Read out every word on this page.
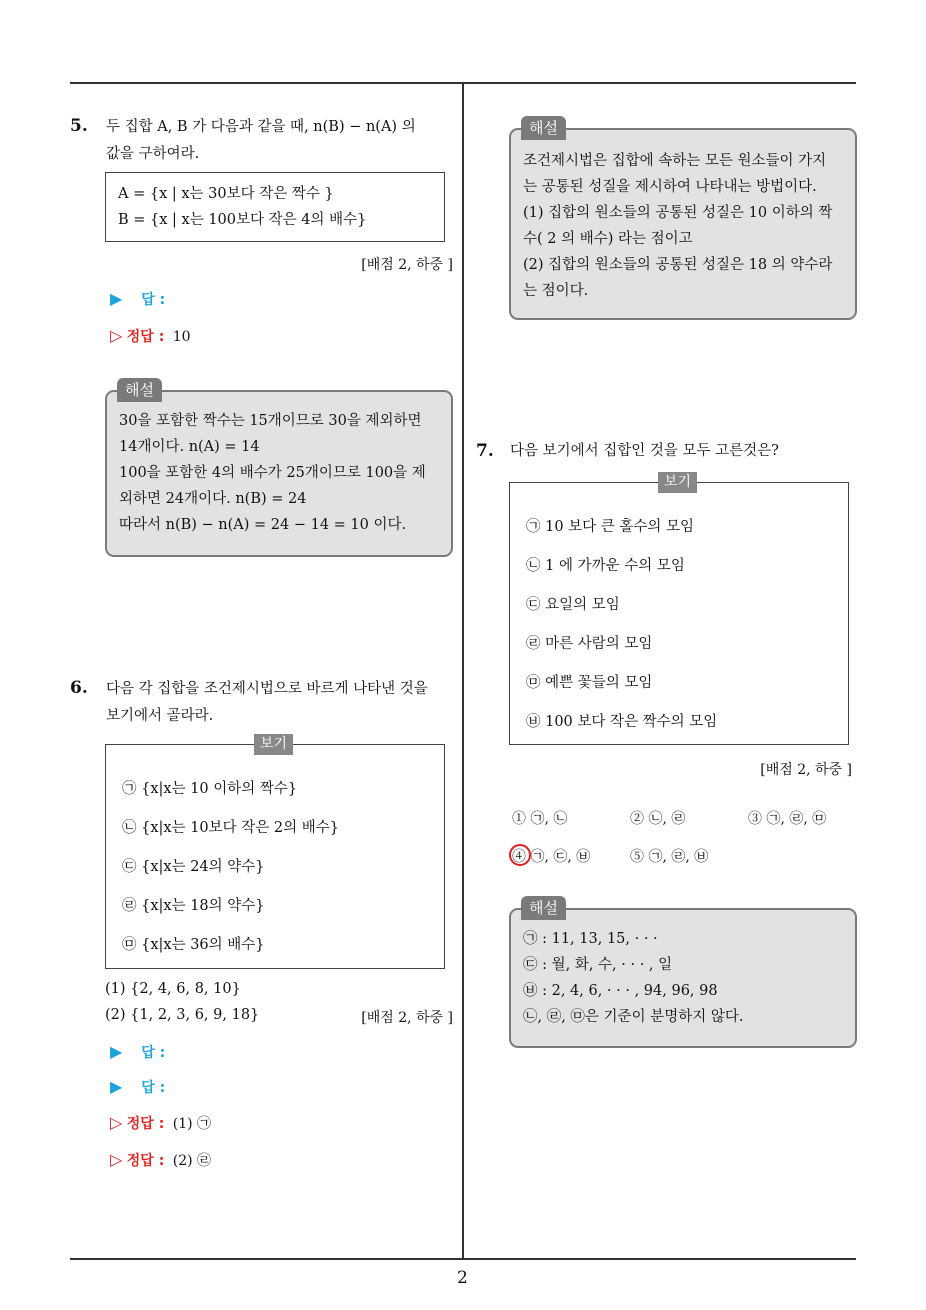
5. 두 집합 A, B 가 다음과 같을 때, n(B) − n(A) 의
값을 구하여라.
A = {x | x는 30보다 작은 짝수 }
B = {x | x는 100보다 작은 4의 배수}
[배점 2, 하중 ]
▶ 답 :
▷ 정답 : 10
해설
30을 포함한 짝수는 15개이므로 30을 제외하면
14개이다. n(A) = 14
100을 포함한 4의 배수가 25개이므로 100을 제
외하면 24개이다. n(B) = 24
따라서 n(B) − n(A) = 24 − 14 = 10 이다.
6. 다음 각 집합을 조건제시법으로 바르게 나타낸 것을
보기에서 골라라.
보기
㉠ {x|x는 10 이하의 짝수}
㉡ {x|x는 10보다 작은 2의 배수}
㉢ {x|x는 24의 약수}
㉣ {x|x는 18의 약수}
㉤ {x|x는 36의 배수}
(1) {2, 4, 6, 8, 10}
(2) {1, 2, 3, 6, 9, 18}	[배점 2, 하중 ]
▶ 답 :
▶ 답 :
▷ 정답 : (1) ㉠
▷ 정답 : (2) ㉣
해설
조건제시법은 집합에 속하는 모든 원소들이 가지
는 공통된 성질을 제시하여 나타내는 방법이다.
(1) 집합의 원소들의 공통된 성질은 10 이하의 짝
수( 2 의 배수) 라는 점이고
(2) 집합의 원소들의 공통된 성질은 18 의 약수라
는 점이다.
7. 다음 보기에서 집합인 것을 모두 고른것은?
보기
㉠ 10 보다 큰 홀수의 모임
㉡ 1 에 가까운 수의 모임
㉢ 요일의 모임
㉣ 마른 사람의 모임
㉤ 예쁜 꽃들의 모임
㉥ 100 보다 작은 짝수의 모임
[배점 2, 하중 ]
① ㉠, ㉡	② ㉡, ㉣	③ ㉠, ㉣, ㉤
④ ㉠, ㉢, ㉥	⑤ ㉠, ㉣, ㉥
해설
㉠ : 11, 13, 15, · · ·
㉢ : 월, 화, 수, · · · , 일
㉥ : 2, 4, 6, · · · , 94, 96, 98
㉡, ㉣, ㉤은 기준이 분명하지 않다.
2
